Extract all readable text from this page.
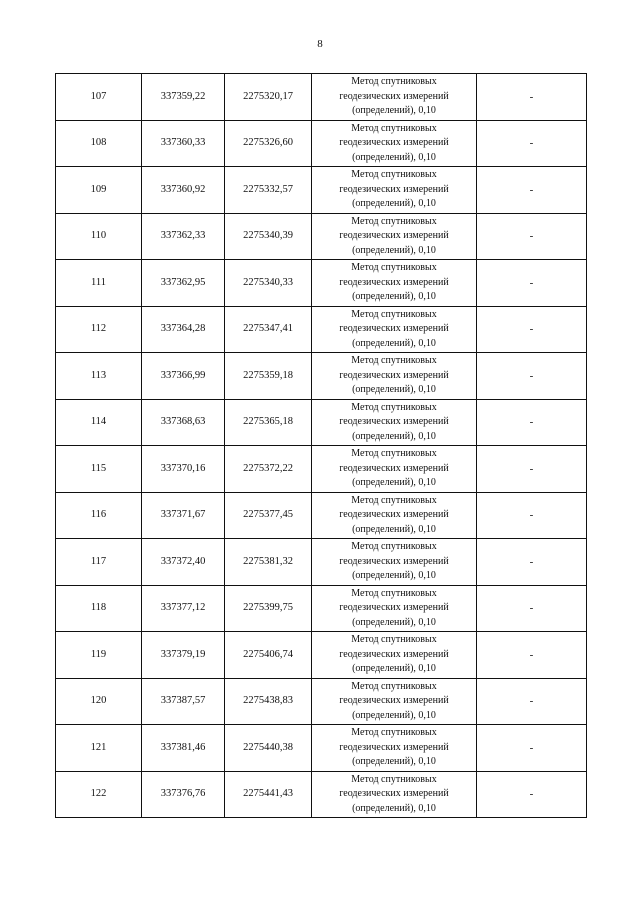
8
107	337359,22	2275320,17	Метод спутниковых
геодезических измерений
(определений), 0,10	-
108	337360,33	2275326,60	Метод спутниковых
геодезических измерений
(определений), 0,10	-
109	337360,92	2275332,57	Метод спутниковых
геодезических измерений
(определений), 0,10	-
110	337362,33	2275340,39	Метод спутниковых
геодезических измерений
(определений), 0,10	-
111	337362,95	2275340,33	Метод спутниковых
геодезических измерений
(определений), 0,10	-
112	337364,28	2275347,41	Метод спутниковых
геодезических измерений
(определений), 0,10	-
113	337366,99	2275359,18	Метод спутниковых
геодезических измерений
(определений), 0,10	-
114	337368,63	2275365,18	Метод спутниковых
геодезических измерений
(определений), 0,10	-
115	337370,16	2275372,22	Метод спутниковых
геодезических измерений
(определений), 0,10	-
116	337371,67	2275377,45	Метод спутниковых
геодезических измерений
(определений), 0,10	-
117	337372,40	2275381,32	Метод спутниковых
геодезических измерений
(определений), 0,10	-
118	337377,12	2275399,75	Метод спутниковых
геодезических измерений
(определений), 0,10	-
119	337379,19	2275406,74	Метод спутниковых
геодезических измерений
(определений), 0,10	-
120	337387,57	2275438,83	Метод спутниковых
геодезических измерений
(определений), 0,10	-
121	337381,46	2275440,38	Метод спутниковых
геодезических измерений
(определений), 0,10	-
122	337376,76	2275441,43	Метод спутниковых
геодезических измерений
(определений), 0,10	-
